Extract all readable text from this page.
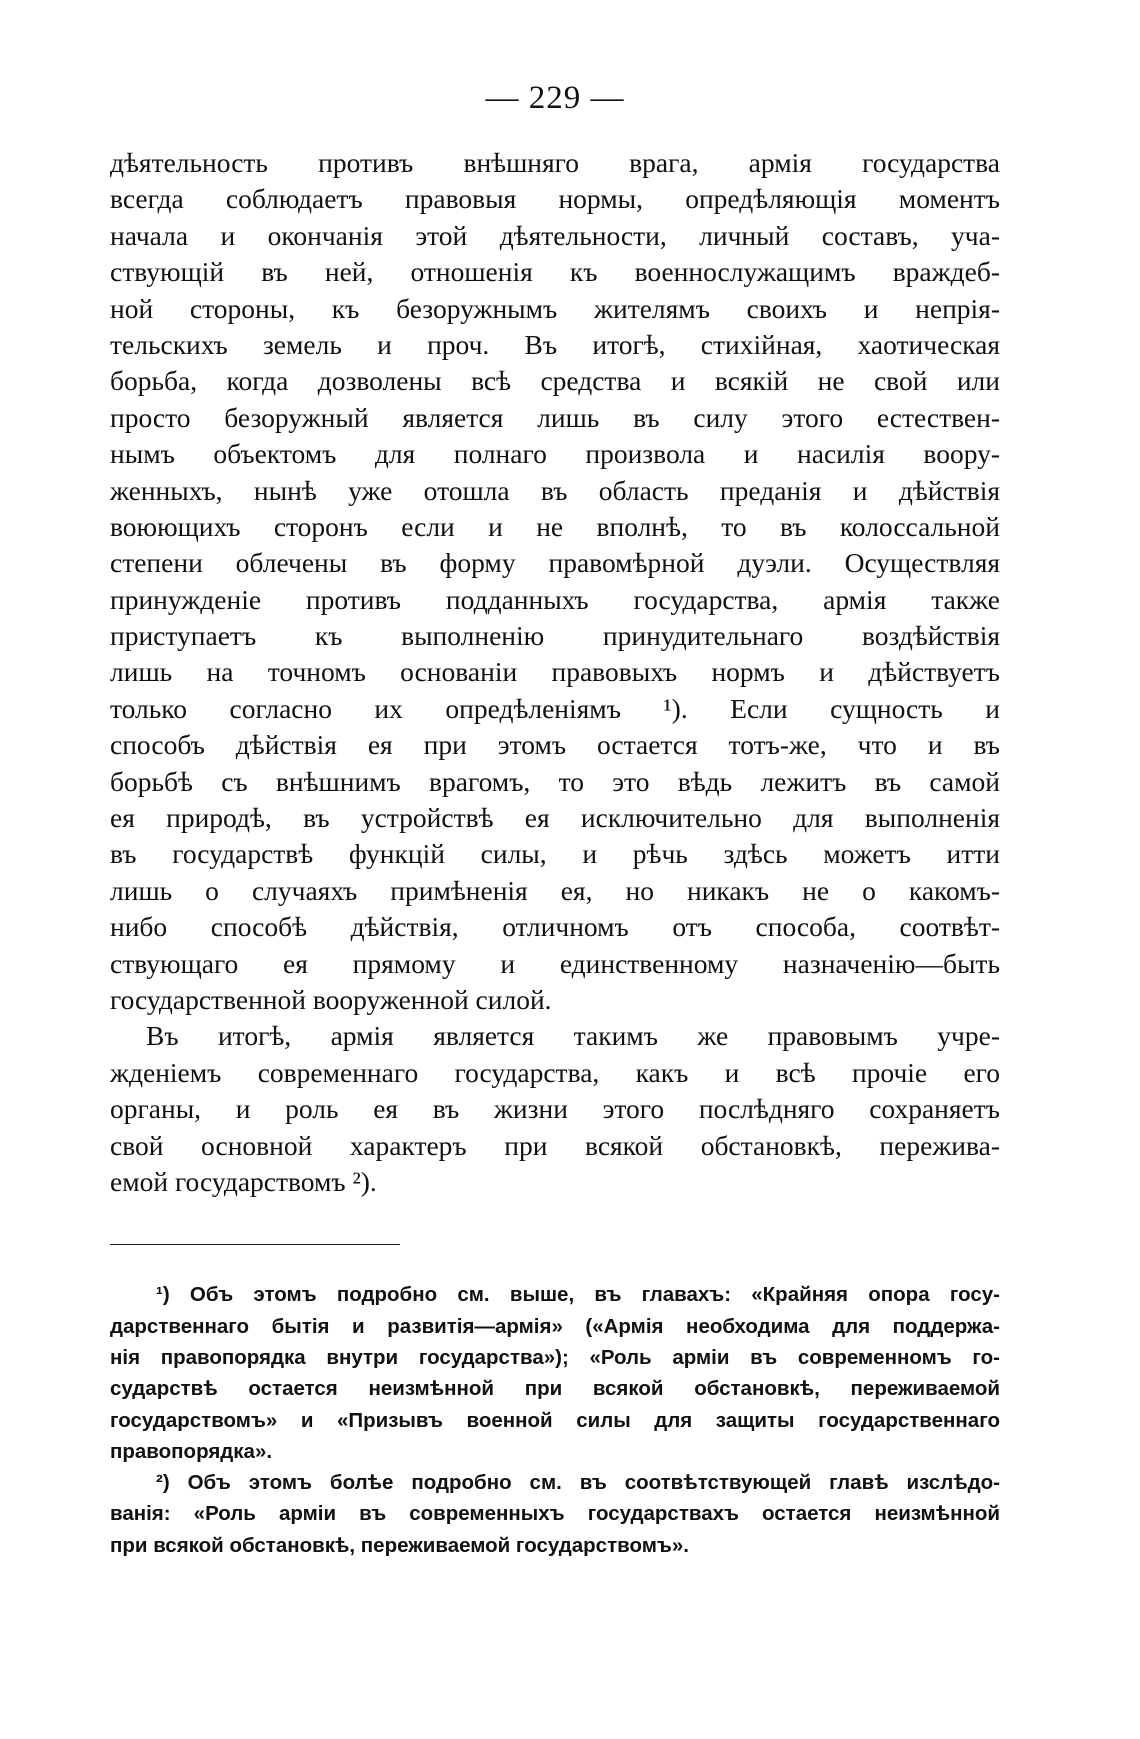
— 229 —
дѣятельность противъ внѣшняго врага, армія государства
всегда соблюдаетъ правовыя нормы, опредѣляющія моментъ
начала и окончанія этой дѣятельности, личный составъ, уча-
ствующій въ ней, отношенія къ военнослужащимъ враждеб-
ной стороны, къ безоружнымъ жителямъ своихъ и непрія-
тельскихъ земель и проч. Въ итогѣ, стихійная, хаотическая
борьба, когда дозволены всѣ средства и всякій не свой или
просто безоружный является лишь въ силу этого естествен-
нымъ объектомъ для полнаго произвола и насилія воору-
женныхъ, нынѣ уже отошла въ область преданія и дѣйствія
воюющихъ сторонъ если и не вполнѣ, то въ колоссальной
степени облечены въ форму правомѣрной дуэли. Осуществляя
принужденіе противъ подданныхъ государства, армія также
приступаетъ къ выполненію принудительнаго воздѣйствія
лишь на точномъ основаніи правовыхъ нормъ и дѣйствуетъ
только согласно их опредѣленіямъ ¹). Если сущность и
способъ дѣйствія ея при этомъ остается тотъ-же, что и въ
борьбѣ съ внѣшнимъ врагомъ, то это вѣдь лежитъ въ самой
ея природѣ, въ устройствѣ ея исключительно для выполненія
въ государствѣ функцій силы, и рѣчь здѣсь можетъ итти
лишь о случаяхъ примѣненія ея, но никакъ не о какомъ-
нибо способѣ дѣйствія, отличномъ отъ способа, соотвѣт-
ствующаго ея прямому и единственному назначенію—быть
государственной вооруженной силой.
Въ итогѣ, армія является такимъ же правовымъ учре-
жденіемъ современнаго государства, какъ и всѣ прочіе его
органы, и роль ея въ жизни этого послѣдняго сохраняетъ
свой основной характеръ при всякой обстановкѣ, пережива-
емой государствомъ ²).
¹) Объ этомъ подробно см. выше, въ главахъ: «Крайняя опора госу-
дарственнаго бытія и развитія—армія» («Армія необходима для поддержа-
нія правопорядка внутри государства»); «Роль арміи въ современномъ го-
сударствѣ остается неизмѣнной при всякой обстановкѣ, переживаемой
государствомъ» и «Призывъ военной силы для защиты государственнаго
правопорядка».
²) Объ этомъ болѣе подробно см. въ соотвѣтствующей главѣ изслѣдо-
ванія: «Роль арміи въ современныхъ государствахъ остается неизмѣнной
при всякой обстановкѣ, переживаемой государствомъ».
